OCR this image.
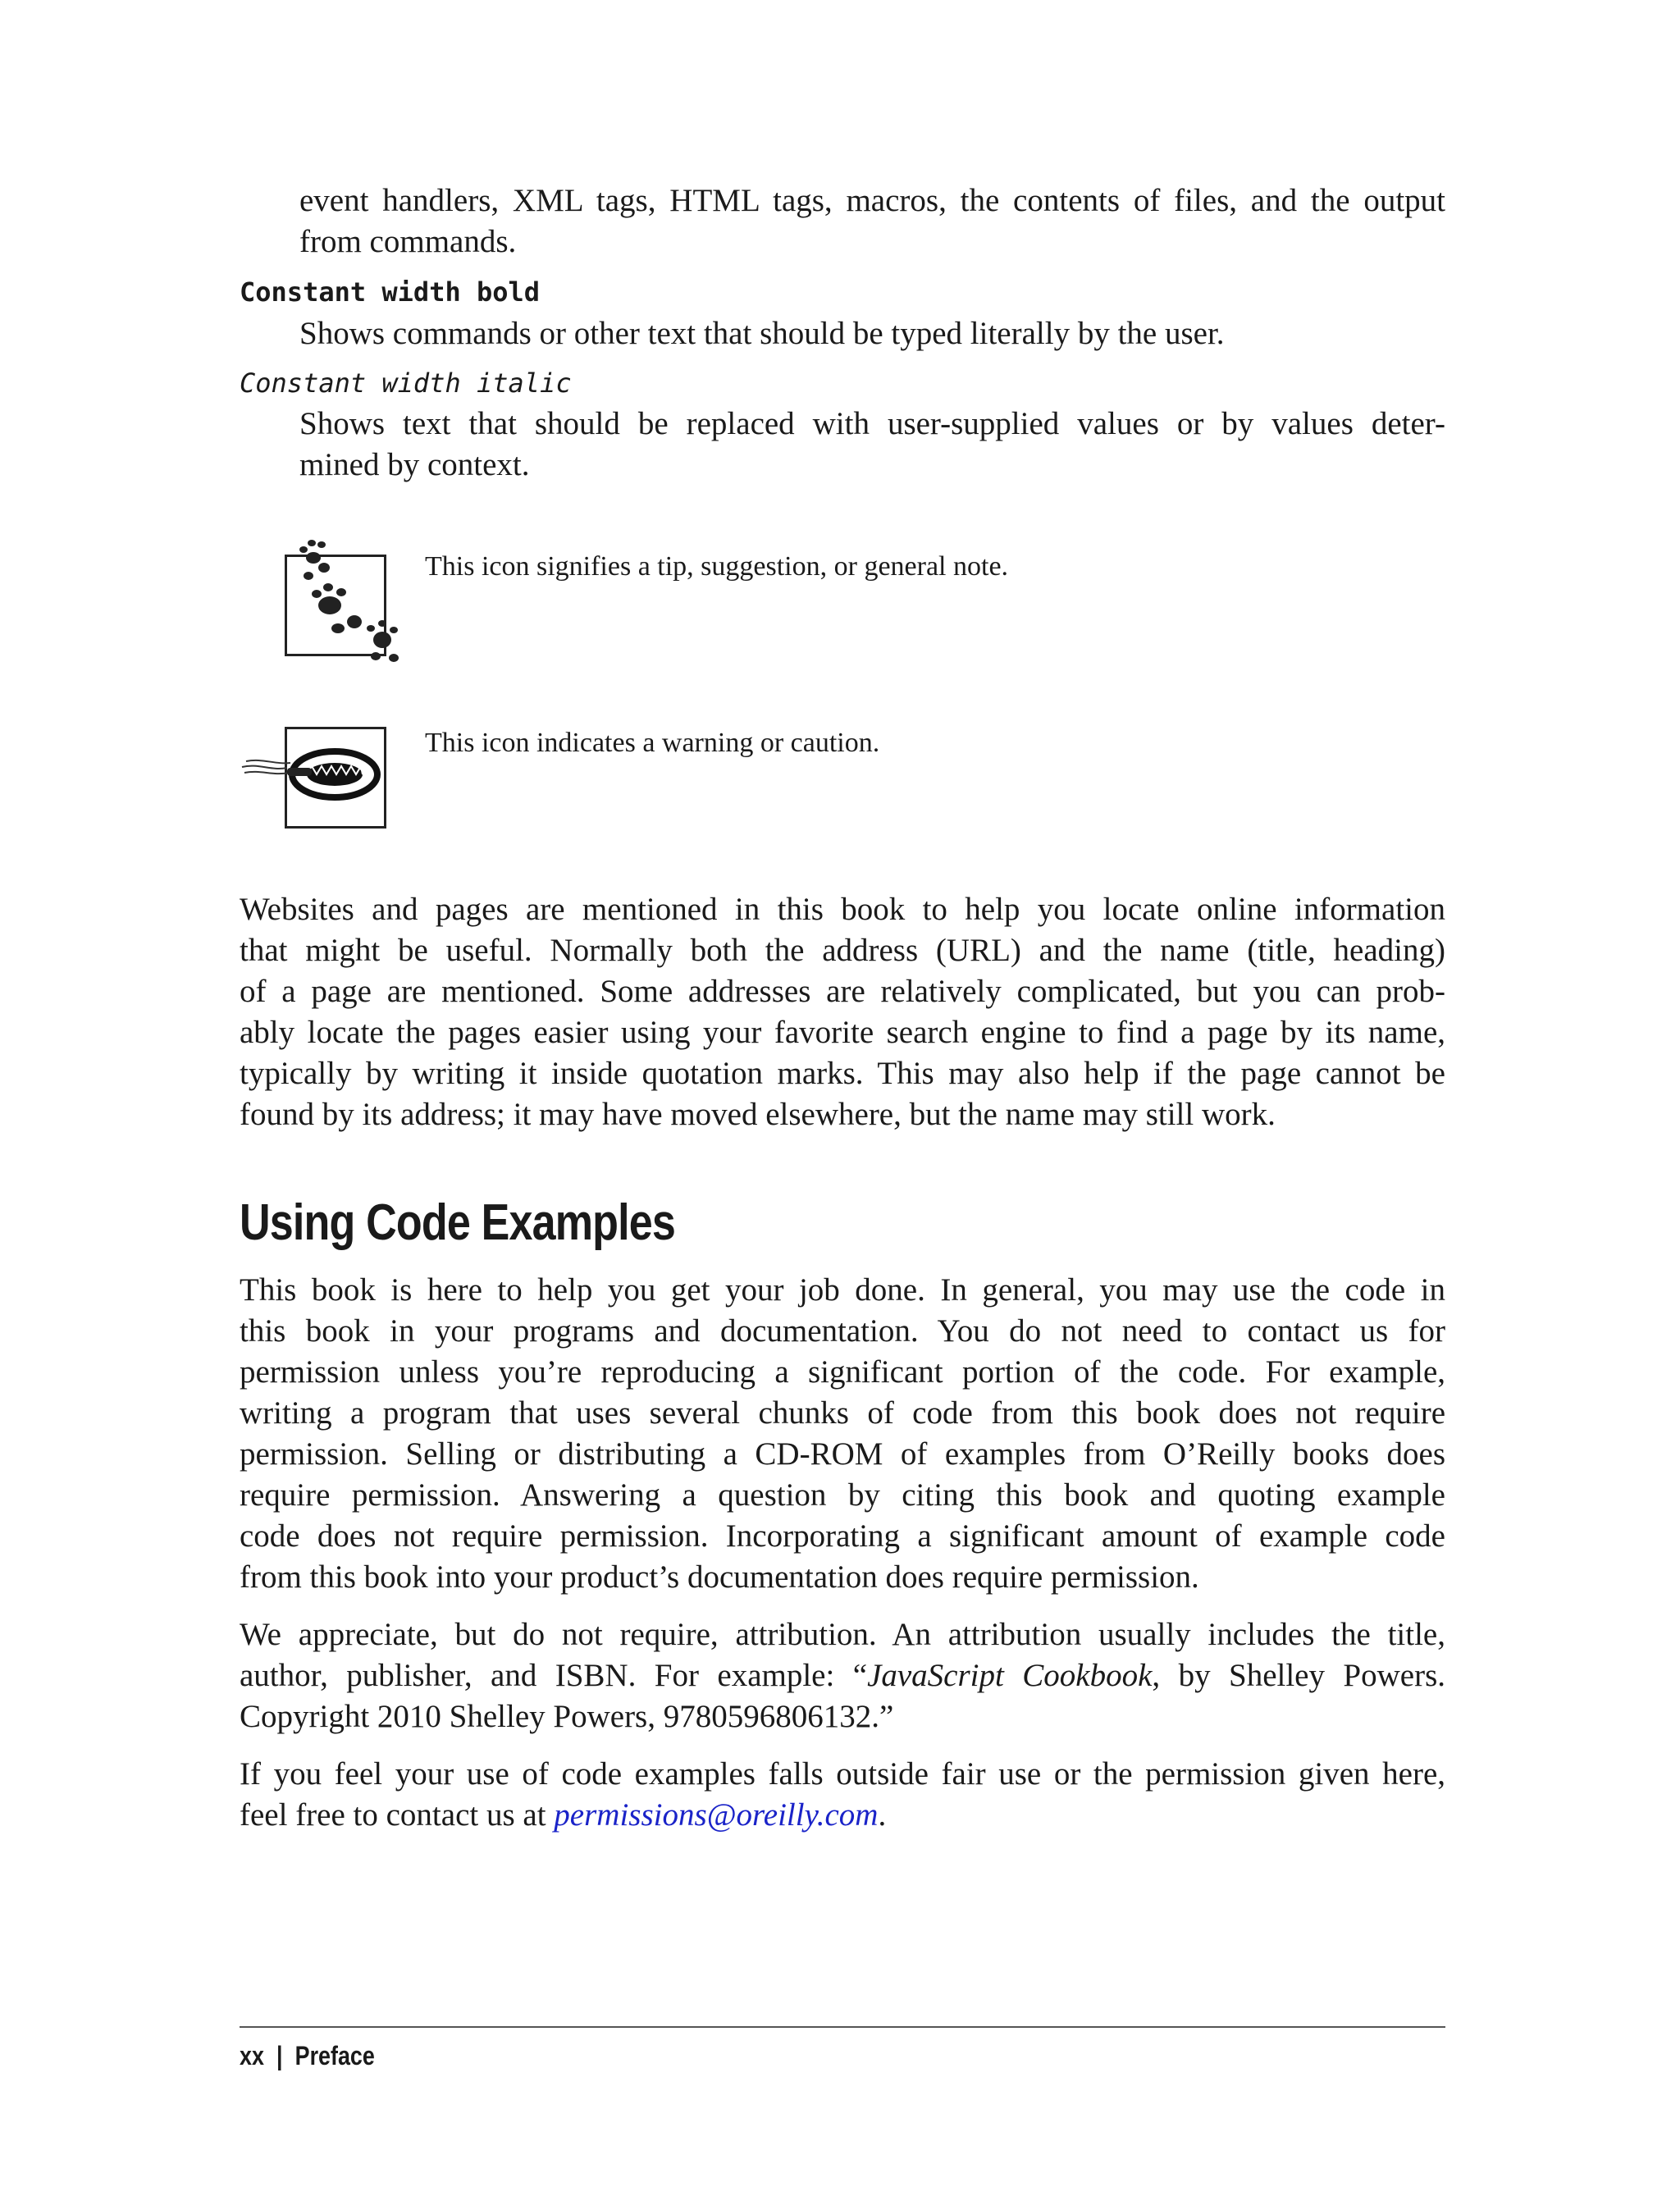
event handlers, XML tags, HTML tags, macros, the contents of files, and the output
from commands.
Constant width bold
Shows commands or other text that should be typed literally by the user.
Constant width italic
Shows text that should be replaced with user-supplied values or by values deter-
mined by context.
This icon signifies a tip, suggestion, or general note.
This icon indicates a warning or caution.
Websites and pages are mentioned in this book to help you locate online information
that might be useful. Normally both the address (URL) and the name (title, heading)
of a page are mentioned. Some addresses are relatively complicated, but you can prob-
ably locate the pages easier using your favorite search engine to find a page by its name,
typically by writing it inside quotation marks. This may also help if the page cannot be
found by its address; it may have moved elsewhere, but the name may still work.
Using Code Examples
This book is here to help you get your job done. In general, you may use the code in
this book in your programs and documentation. You do not need to contact us for
permission unless you’re reproducing a significant portion of the code. For example,
writing a program that uses several chunks of code from this book does not require
permission. Selling or distributing a CD-ROM of examples from O’Reilly books does
require permission. Answering a question by citing this book and quoting example
code does not require permission. Incorporating a significant amount of example code
from this book into your product’s documentation does require permission.
We appreciate, but do not require, attribution. An attribution usually includes the title,
author, publisher, and ISBN. For example: “JavaScript Cookbook, by Shelley Powers.
Copyright 2010 Shelley Powers, 9780596806132.”
If you feel your use of code examples falls outside fair use or the permission given here,
feel free to contact us at permissions@oreilly.com.
xx | Preface
